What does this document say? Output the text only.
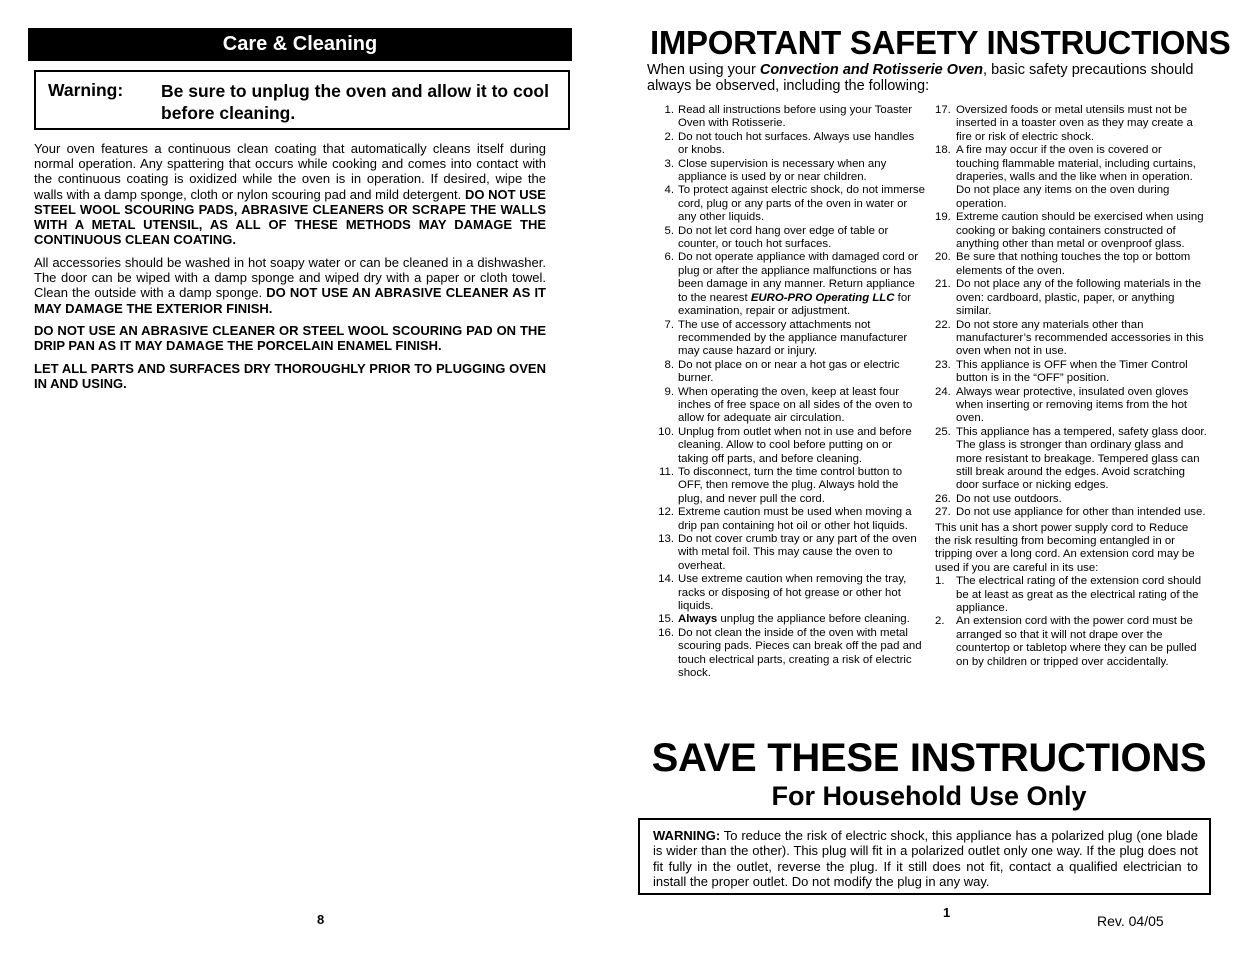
Care & Cleaning
Warning: Be sure to unplug the oven and allow it to cool before cleaning.

Your oven features a continuous clean coating that automatically cleans itself during normal operation. Any spattering that occurs while cooking and comes into contact with the continuous coating is oxidized while the oven is in operation. If desired, wipe the walls with a damp sponge, cloth or nylon scouring pad and mild detergent. DO NOT USE STEEL WOOL SCOURING PADS, ABRASIVE CLEANERS OR SCRAPE THE WALLS WITH A METAL UTENSIL, AS ALL OF THESE METHODS MAY DAMAGE THE CONTINUOUS CLEAN COATING.

All accessories should be washed in hot soapy water or can be cleaned in a dishwasher. The door can be wiped with a damp sponge and wiped dry with a paper or cloth towel. Clean the outside with a damp sponge. DO NOT USE AN ABRASIVE CLEANER AS IT MAY DAMAGE THE EXTERIOR FINISH.

DO NOT USE AN ABRASIVE CLEANER OR STEEL WOOL SCOURING PAD ON THE DRIP PAN AS IT MAY DAMAGE THE PORCELAIN ENAMEL FINISH.

LET ALL PARTS AND SURFACES DRY THOROUGHLY PRIOR TO PLUGGING OVEN IN AND USING.

8
IMPORTANT SAFETY INSTRUCTIONS
When using your Convection and Rotisserie Oven, basic safety precautions should always be observed, including the following:
1. Read all instructions before using your Toaster Oven with Rotisserie.
2. Do not touch hot surfaces. Always use handles or knobs.
3. Close supervision is necessary when any appliance is used by or near children.
4. To protect against electric shock, do not immerse cord, plug or any parts of the oven in water or any other liquids.
5. Do not let cord hang over edge of table or counter, or touch hot surfaces.
6. Do not operate appliance with damaged cord or plug or after the appliance malfunctions or has been damage in any manner. Return appliance to the nearest EURO-PRO Operating LLC for examination, repair or adjustment.
7. The use of accessory attachments not recommended by the appliance manufacturer may cause hazard or injury.
8. Do not place on or near a hot gas or electric burner.
9. When operating the oven, keep at least four inches of free space on all sides of the oven to allow for adequate air circulation.
10. Unplug from outlet when not in use and before cleaning. Allow to cool before putting on or taking off parts, and before cleaning.
11. To disconnect, turn the time control button to OFF, then remove the plug. Always hold the plug, and never pull the cord.
12. Extreme caution must be used when moving a drip pan containing hot oil or other hot liquids.
13. Do not cover crumb tray or any part of the oven with metal foil. This may cause the oven to overheat.
14. Use extreme caution when removing the tray, racks or disposing of hot grease or other hot liquids.
15. Always unplug the appliance before cleaning.
16. Do not clean the inside of the oven with metal scouring pads. Pieces can break off the pad and touch electrical parts, creating a risk of electric shock.
17. Oversized foods or metal utensils must not be inserted in a toaster oven as they may create a fire or risk of electric shock.
18. A fire may occur if the oven is covered or touching flammable material, including curtains, draperies, walls and the like when in operation. Do not place any items on the oven during operation.
19. Extreme caution should be exercised when using cooking or baking containers constructed of anything other than metal or ovenproof glass.
20. Be sure that nothing touches the top or bottom elements of the oven.
21. Do not place any of the following materials in the oven: cardboard, plastic, paper, or anything similar.
22. Do not store any materials other than manufacturer’s recommended accessories in this oven when not in use.
23. This appliance is OFF when the Timer Control button is in the “OFF” position.
24. Always wear protective, insulated oven gloves when inserting or removing items from the hot oven.
25. This appliance has a tempered, safety glass door. The glass is stronger than ordinary glass and more resistant to breakage. Tempered glass can still break around the edges. Avoid scratching door surface or nicking edges.
26. Do not use outdoors.
27. Do not use appliance for other than intended use.

This unit has a short power supply cord to Reduce the risk resulting from becoming entangled in or tripping over a long cord. An extension cord may be used if you are careful in its use:

1. The electrical rating of the extension cord should be at least as great as the electrical rating of the appliance.
2. An extension cord with the power cord must be arranged so that it will not drape over the countertop or tabletop where they can be pulled on by children or tripped over accidentally.
SAVE THESE INSTRUCTIONS
For Household Use Only

WARNING: To reduce the risk of electric shock, this appliance has a polarized plug (one blade is wider than the other). This plug will fit in a polarized outlet only one way. If the plug does not fit fully in the outlet, reverse the plug. If it still does not fit, contact a qualified electrician to install the proper outlet. Do not modify the plug in any way.

1
Rev. 04/05
